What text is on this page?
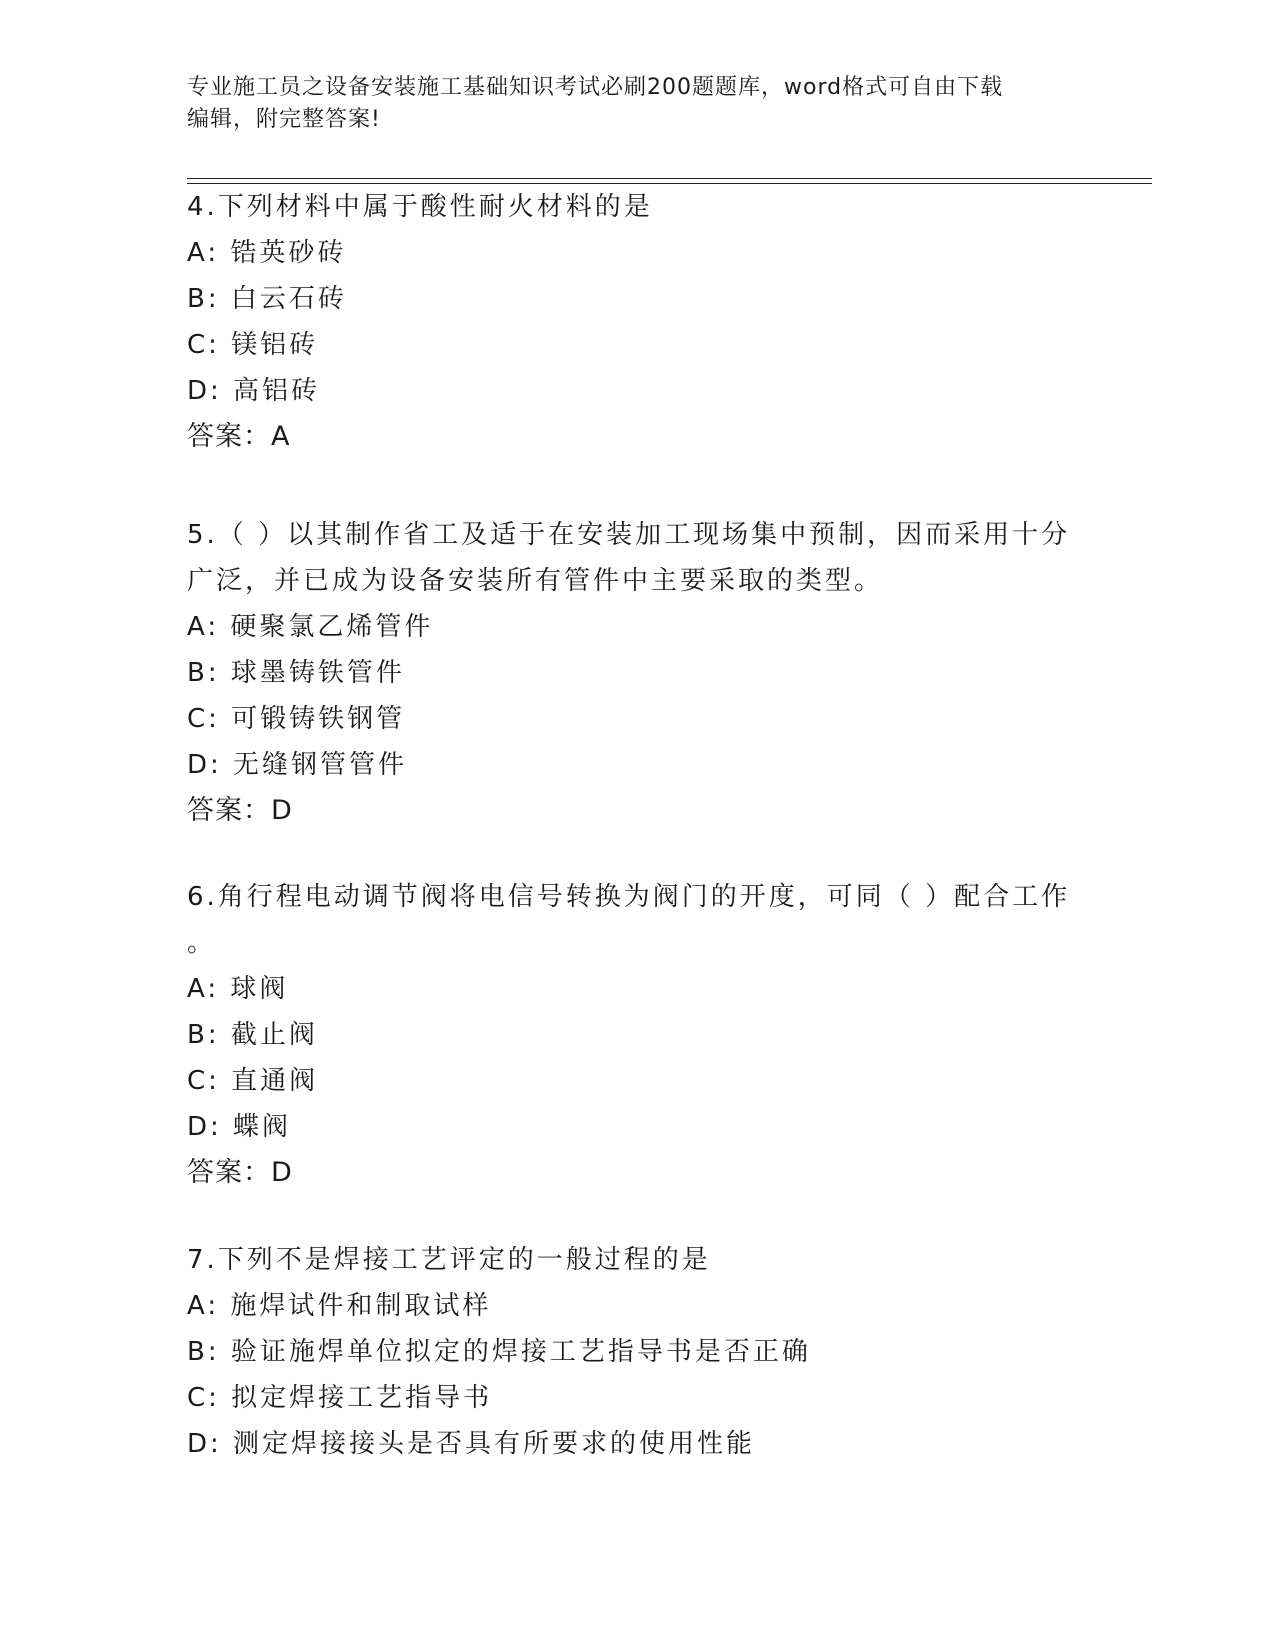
专业施工员之设备安装施工基础知识考试必刷200题题库，word格式可自由下载
编辑，附完整答案!
4.下列材料中属于酸性耐火材料的是
A: 锆英砂砖
B: 白云石砖
C: 镁铝砖
D: 高铝砖
答案：A
5.（ ）以其制作省工及适于在安装加工现场集中预制，因而采用十分
广泛，并已成为设备安装所有管件中主要采取的类型。
A: 硬聚氯乙烯管件
B: 球墨铸铁管件
C: 可锻铸铁钢管
D: 无缝钢管管件
答案：D
6.角行程电动调节阀将电信号转换为阀门的开度，可同（ ）配合工作
。
A: 球阀
B: 截止阀
C: 直通阀
D: 蝶阀
答案：D
7.下列不是焊接工艺评定的一般过程的是
A: 施焊试件和制取试样
B: 验证施焊单位拟定的焊接工艺指导书是否正确
C: 拟定焊接工艺指导书
D: 测定焊接接头是否具有所要求的使用性能
